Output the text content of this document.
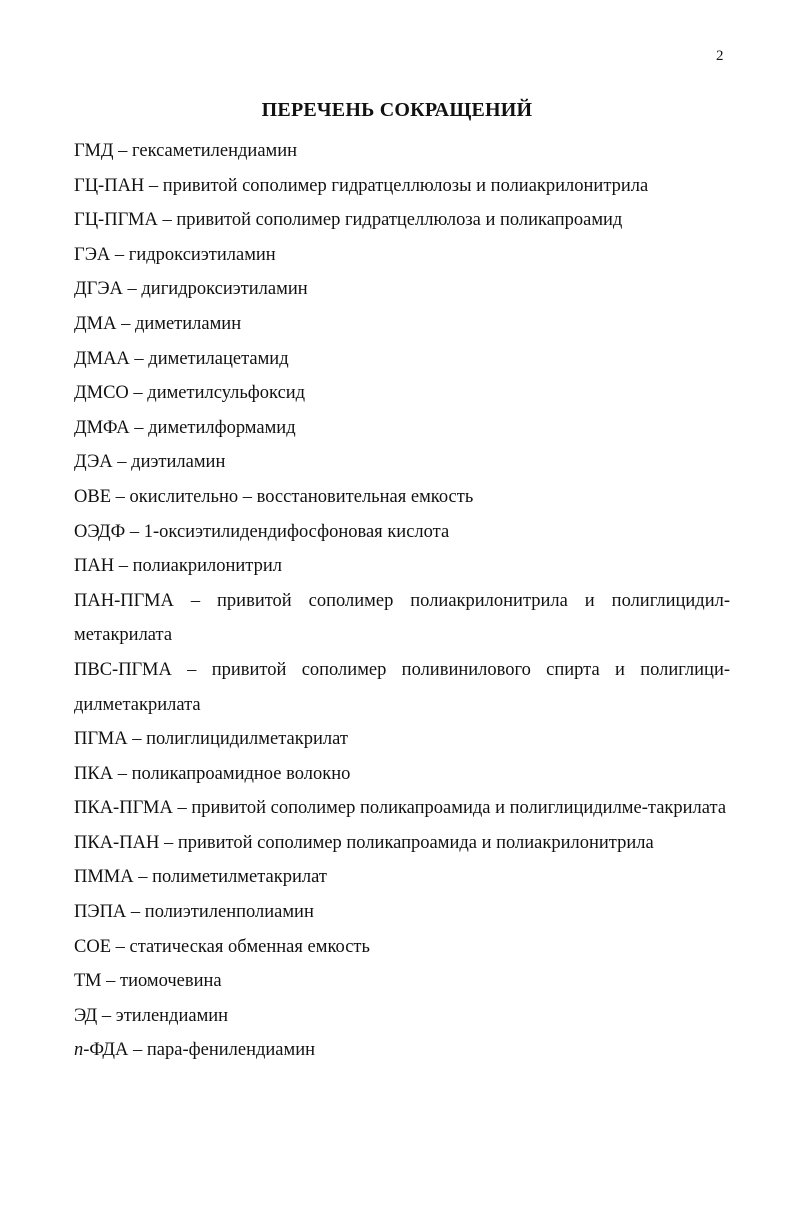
2
ПЕРЕЧЕНЬ СОКРАЩЕНИЙ
ГМД – гексаметилендиамин
ГЦ-ПАН – привитой сополимер гидратцеллюлозы и полиакрилонитрила
ГЦ-ПГМА – привитой сополимер гидратцеллюлоза и поликапроамид
ГЭА – гидроксиэтиламин
ДГЭА – дигидроксиэтиламин
ДМА – диметиламин
ДМАА – диметилацетамид
ДМСО – диметилсульфоксид
ДМФА – диметилформамид
ДЭА – диэтиламин
ОВЕ – окислительно – восстановительная емкость
ОЭДФ – 1-оксиэтилидендифосфоновая кислота
ПАН – полиакрилонитрил
ПАН-ПГМА – привитой сополимер полиакрилонитрила и полиглицидил-метакрилата
ПВС-ПГМА – привитой сополимер поливинилового спирта и полиглици-дилметакрилата
ПГМА – полиглицидилметакрилат
ПКА – поликапроамидное волокно
ПКА-ПГМА – привитой сополимер поликапроамида и полиглицидилме-такрилата
ПКА-ПАН – привитой сополимер поликапроамида и полиакрилонитрила
ПММА – полиметилметакрилат
ПЭПА – полиэтиленполиамин
СОЕ – статическая обменная емкость
ТМ – тиомочевина
ЭД – этилендиамин
п-ФДА – пара-фенилендиамин
